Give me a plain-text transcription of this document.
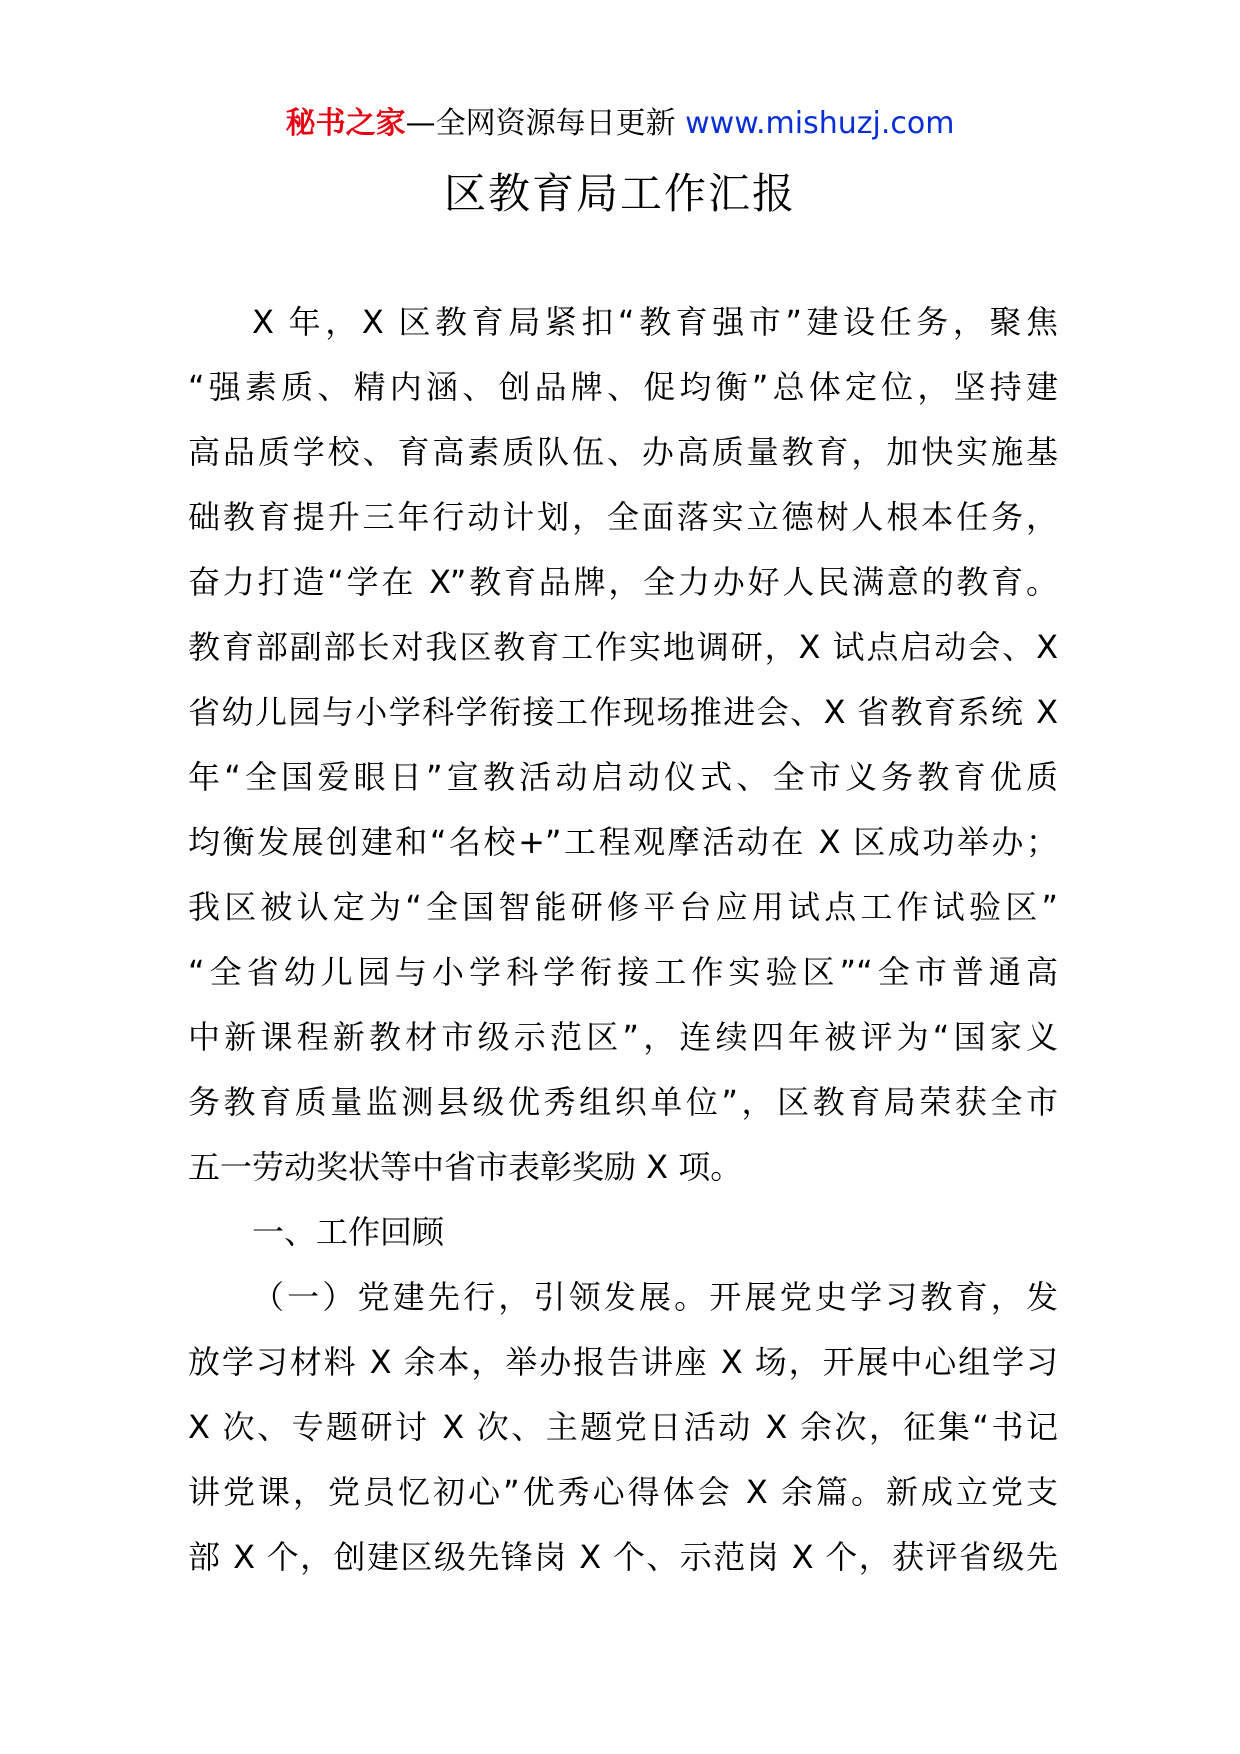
秘书之家—全网资源每日更新 www.mishuzj.com
区教育局工作汇报
X 年，X 区教育局紧扣“教育强市”建设任务，聚焦
“强素质、精内涵、创品牌、促均衡”总体定位，坚持建
高品质学校、育高素质队伍、办高质量教育，加快实施基
础教育提升三年行动计划，全面落实立德树人根本任务，
奋力打造“学在 X”教育品牌，全力办好人民满意的教育。
教育部副部长对我区教育工作实地调研，X 试点启动会、X
省幼儿园与小学科学衔接工作现场推进会、X 省教育系统 X
年“全国爱眼日”宣教活动启动仪式、全市义务教育优质
均衡发展创建和“名校+”工程观摩活动在 X 区成功举办；
我区被认定为“全国智能研修平台应用试点工作试验区”
“全省幼儿园与小学科学衔接工作实验区”“全市普通高
中新课程新教材市级示范区”，连续四年被评为“国家义
务教育质量监测县级优秀组织单位”，区教育局荣获全市
五一劳动奖状等中省市表彰奖励 X 项。
一、工作回顾
（一）党建先行，引领发展。开展党史学习教育，发
放学习材料 X 余本，举办报告讲座 X 场，开展中心组学习
X 次、专题研讨 X 次、主题党日活动 X 余次，征集“书记
讲党课，党员忆初心”优秀心得体会 X 余篇。新成立党支
部 X 个，创建区级先锋岗 X 个、示范岗 X 个，获评省级先
